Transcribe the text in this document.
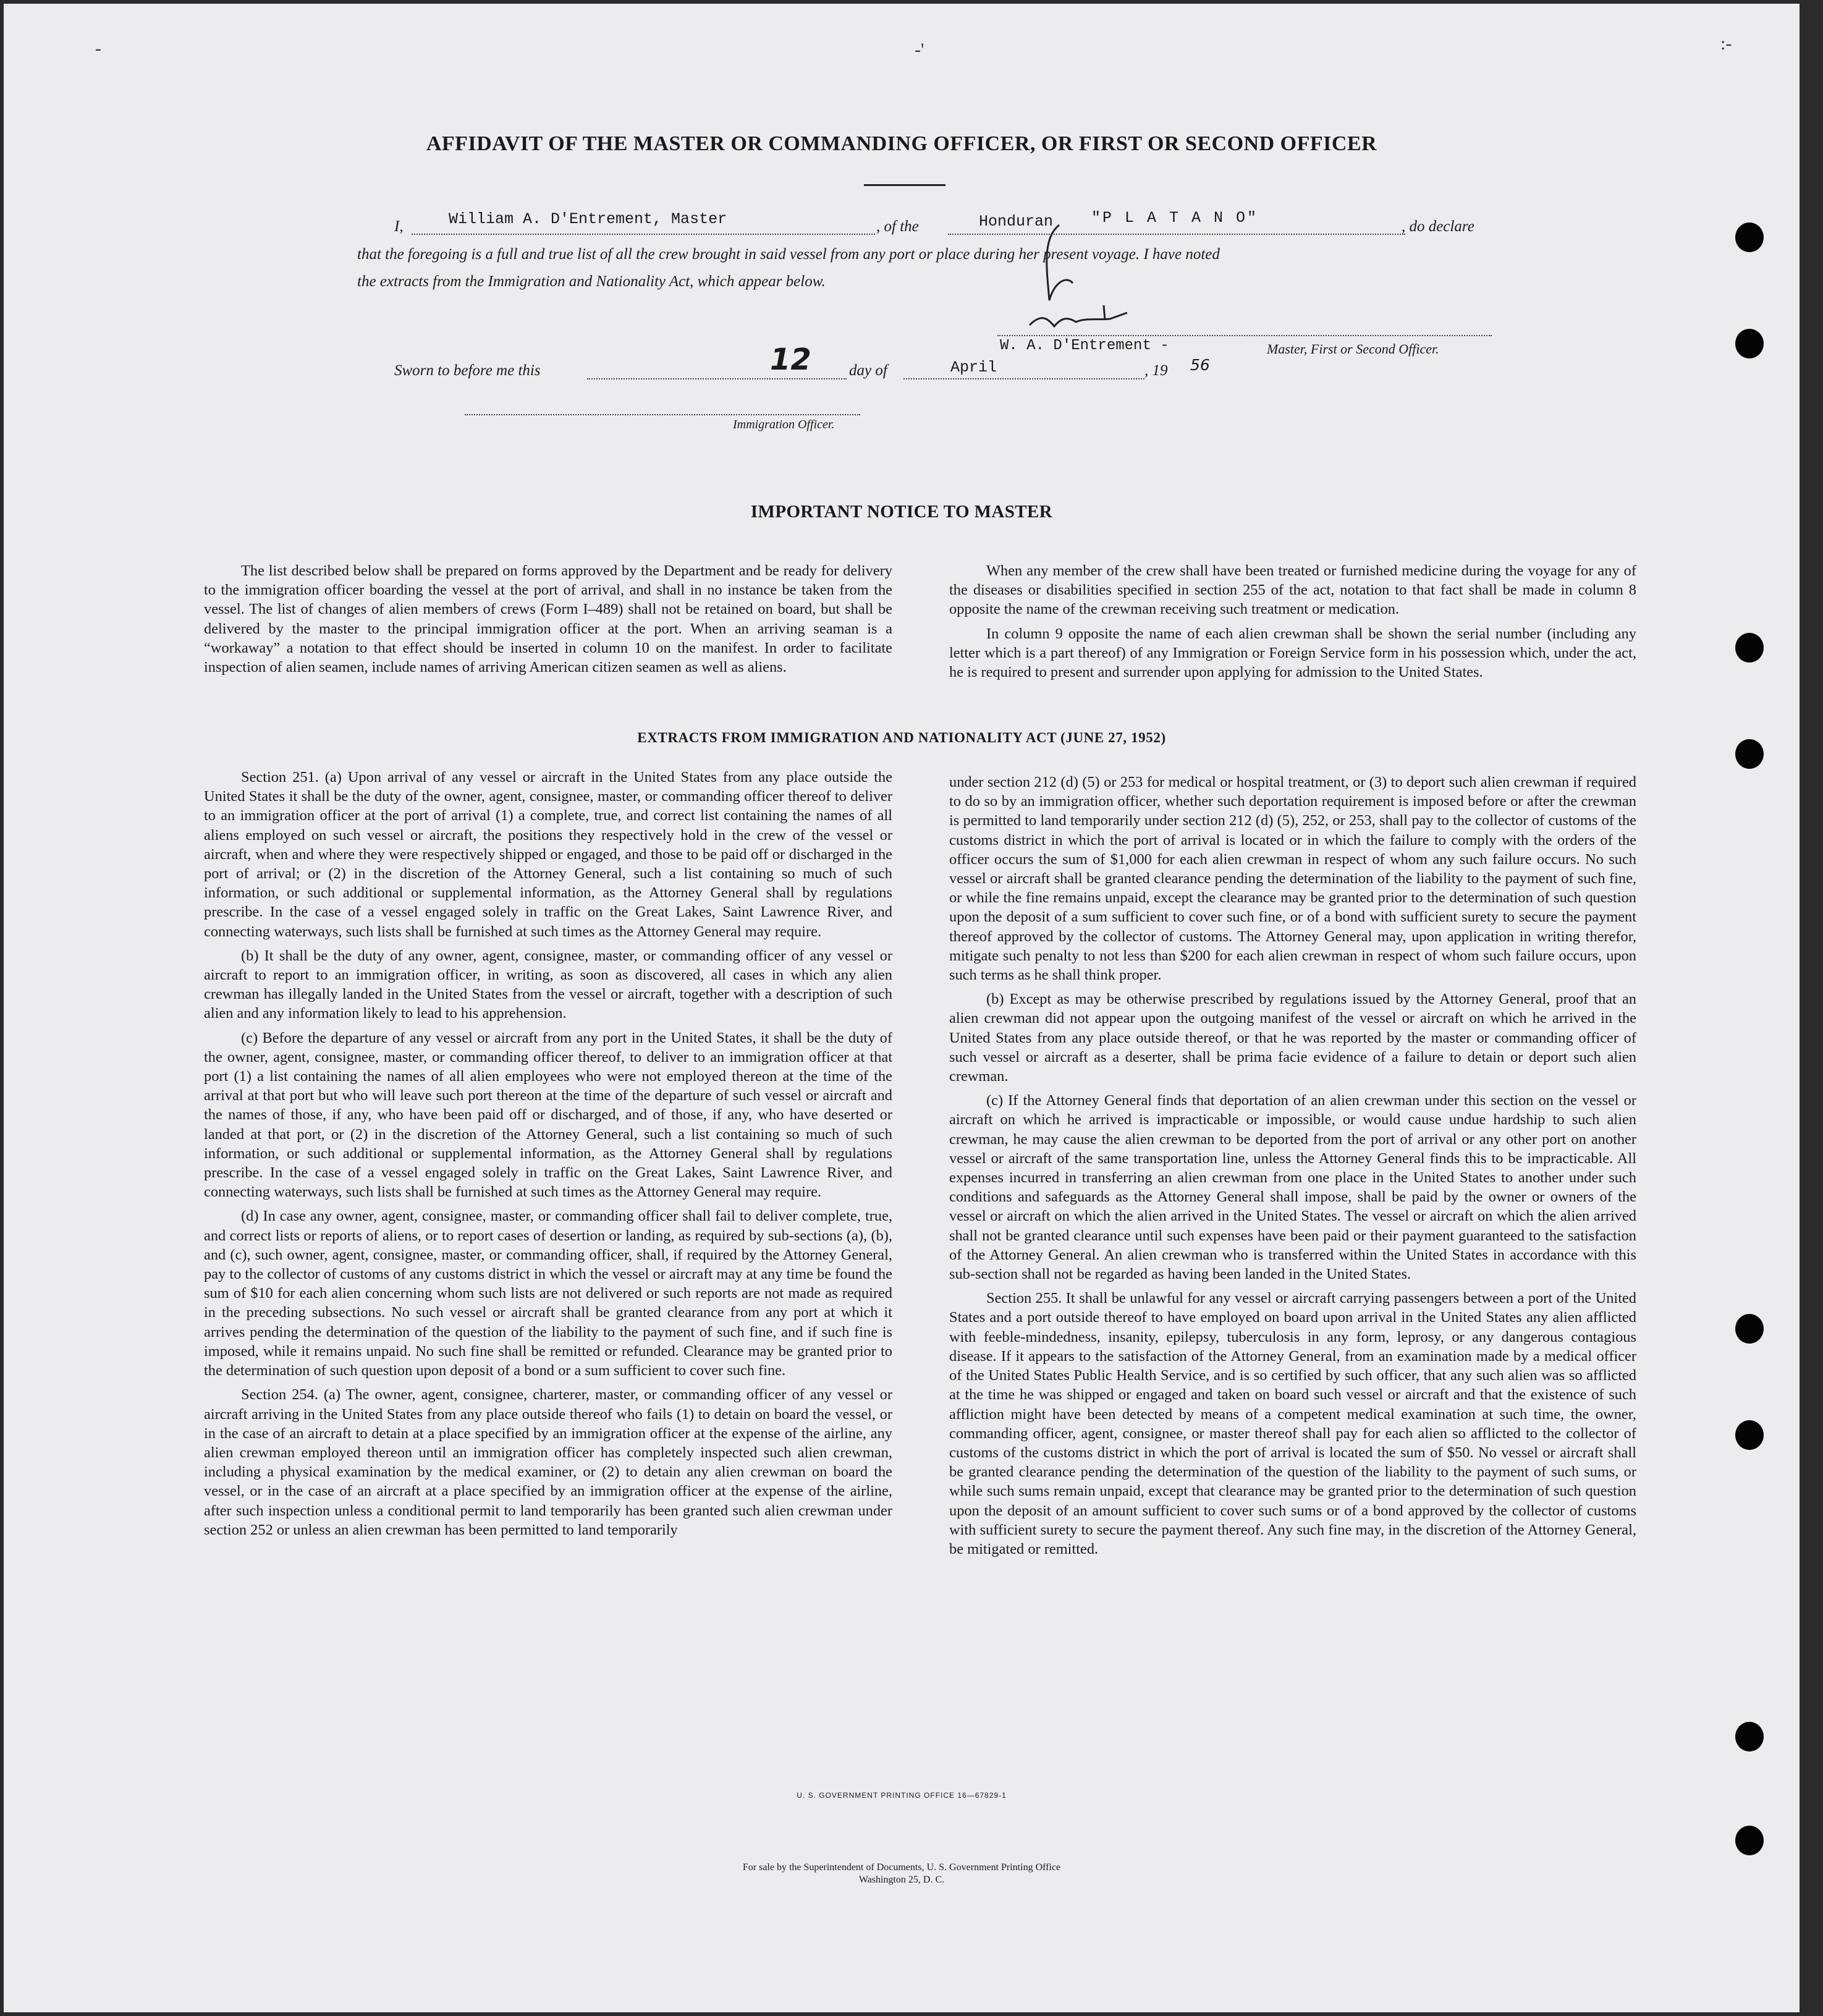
-	-'	:-
AFFIDAVIT OF THE MASTER OR COMMANDING OFFICER, OR FIRST OR SECOND OFFICER
I,	William A. D'Entrement, Master	, of the	Honduran "P L A T A N O"	, do declare
that the foregoing is a full and true list of all the crew brought in said vessel from any port or place during her present voyage. I have noted
the extracts from the Immigration and Nationality Act, which appear below.
W. A. D'Entrement -	Master, First or Second Officer.
Sworn to before me this	12 day of	April	, 19 56
Immigration Officer.
IMPORTANT NOTICE TO MASTER

The list described below shall be prepared on forms approved by the Department and be ready for delivery to the immigration officer boarding the vessel at the port of arrival, and shall in no instance be taken from the vessel. The list of changes of alien members of crews (Form I–489) shall not be retained on board, but shall be delivered by the master to the principal immigration officer at the port. When an arriving seaman is a “workaway” a notation to that effect should be inserted in column 10 on the manifest. In order to facilitate inspection of alien seamen, include names of arriving American citizen seamen as well as aliens.

When any member of the crew shall have been treated or furnished medicine during the voyage for any of the diseases or disabilities specified in section 255 of the act, notation to that fact shall be made in column 8 opposite the name of the crewman receiving such treatment or medication.

In column 9 opposite the name of each alien crewman shall be shown the serial number (including any letter which is a part thereof) of any Immigration or Foreign Service form in his possession which, under the act, he is required to present and surrender upon applying for admission to the United States.

EXTRACTS FROM IMMIGRATION AND NATIONALITY ACT (JUNE 27, 1952)

Section 251. (a) Upon arrival of any vessel or aircraft in the United States from any place outside the United States it shall be the duty of the owner, agent, consignee, master, or commanding officer thereof to deliver to an immigration officer at the port of arrival (1) a complete, true, and correct list containing the names of all aliens employed on such vessel or aircraft, the positions they respectively hold in the crew of the vessel or aircraft, when and where they were respectively shipped or engaged, and those to be paid off or discharged in the port of arrival; or (2) in the discretion of the Attorney General, such a list containing so much of such information, or such additional or supplemental information, as the Attorney General shall by regulations prescribe. In the case of a vessel engaged solely in traffic on the Great Lakes, Saint Lawrence River, and connecting waterways, such lists shall be furnished at such times as the Attorney General may require.

(b) It shall be the duty of any owner, agent, consignee, master, or commanding officer of any vessel or aircraft to report to an immigration officer, in writing, as soon as discovered, all cases in which any alien crewman has illegally landed in the United States from the vessel or aircraft, together with a description of such alien and any information likely to lead to his apprehension.

(c) Before the departure of any vessel or aircraft from any port in the United States, it shall be the duty of the owner, agent, consignee, master, or commanding officer thereof, to deliver to an immigration officer at that port (1) a list containing the names of all alien employees who were not employed thereon at the time of the arrival at that port but who will leave such port thereon at the time of the departure of such vessel or aircraft and the names of those, if any, who have been paid off or discharged, and of those, if any, who have deserted or landed at that port, or (2) in the discretion of the Attorney General, such a list containing so much of such information, or such additional or supplemental information, as the Attorney General shall by regulations prescribe. In the case of a vessel engaged solely in traffic on the Great Lakes, Saint Lawrence River, and connecting waterways, such lists shall be furnished at such times as the Attorney General may require.

(d) In case any owner, agent, consignee, master, or commanding officer shall fail to deliver complete, true, and correct lists or reports of aliens, or to report cases of desertion or landing, as required by sub-sections (a), (b), and (c), such owner, agent, consignee, master, or commanding officer, shall, if required by the Attorney General, pay to the collector of customs of any customs district in which the vessel or aircraft may at any time be found the sum of $10 for each alien concerning whom such lists are not delivered or such reports are not made as required in the preceding subsections. No such vessel or aircraft shall be granted clearance from any port at which it arrives pending the determination of the question of the liability to the payment of such fine, and if such fine is imposed, while it remains unpaid. No such fine shall be remitted or refunded. Clearance may be granted prior to the determination of such question upon deposit of a bond or a sum sufficient to cover such fine.

Section 254. (a) The owner, agent, consignee, charterer, master, or commanding officer of any vessel or aircraft arriving in the United States from any place outside thereof who fails (1) to detain on board the vessel, or in the case of an aircraft to detain at a place specified by an immigration officer at the expense of the airline, any alien crewman employed thereon until an immigration officer has completely inspected such alien crewman, including a physical examination by the medical examiner, or (2) to detain any alien crewman on board the vessel, or in the case of an aircraft at a place specified by an immigration officer at the expense of the airline, after such inspection unless a conditional permit to land temporarily has been granted such alien crewman under section 252 or unless an alien crewman has been permitted to land temporarily

under section 212 (d) (5) or 253 for medical or hospital treatment, or (3) to deport such alien crewman if required to do so by an immigration officer, whether such deportation requirement is imposed before or after the crewman is permitted to land temporarily under section 212 (d) (5), 252, or 253, shall pay to the collector of customs of the customs district in which the port of arrival is located or in which the failure to comply with the orders of the officer occurs the sum of $1,000 for each alien crewman in respect of whom any such failure occurs. No such vessel or aircraft shall be granted clearance pending the determination of the liability to the payment of such fine, or while the fine remains unpaid, except the clearance may be granted prior to the determination of such question upon the deposit of a sum sufficient to cover such fine, or of a bond with sufficient surety to secure the payment thereof approved by the collector of customs. The Attorney General may, upon application in writing therefor, mitigate such penalty to not less than $200 for each alien crewman in respect of whom such failure occurs, upon such terms as he shall think proper.

(b) Except as may be otherwise prescribed by regulations issued by the Attorney General, proof that an alien crewman did not appear upon the outgoing manifest of the vessel or aircraft on which he arrived in the United States from any place outside thereof, or that he was reported by the master or commanding officer of such vessel or aircraft as a deserter, shall be prima facie evidence of a failure to detain or deport such alien crewman.

(c) If the Attorney General finds that deportation of an alien crewman under this section on the vessel or aircraft on which he arrived is impracticable or impossible, or would cause undue hardship to such alien crewman, he may cause the alien crewman to be deported from the port of arrival or any other port on another vessel or aircraft of the same transportation line, unless the Attorney General finds this to be impracticable. All expenses incurred in transferring an alien crewman from one place in the United States to another under such conditions and safeguards as the Attorney General shall impose, shall be paid by the owner or owners of the vessel or aircraft on which the alien arrived in the United States. The vessel or aircraft on which the alien arrived shall not be granted clearance until such expenses have been paid or their payment guaranteed to the satisfaction of the Attorney General. An alien crewman who is transferred within the United States in accordance with this sub-section shall not be regarded as having been landed in the United States.

Section 255. It shall be unlawful for any vessel or aircraft carrying passengers between a port of the United States and a port outside thereof to have employed on board upon arrival in the United States any alien afflicted with feeble-mindedness, insanity, epilepsy, tuberculosis in any form, leprosy, or any dangerous contagious disease. If it appears to the satisfaction of the Attorney General, from an examination made by a medical officer of the United States Public Health Service, and is so certified by such officer, that any such alien was so afflicted at the time he was shipped or engaged and taken on board such vessel or aircraft and that the existence of such affliction might have been detected by means of a competent medical examination at such time, the owner, commanding officer, agent, consignee, or master thereof shall pay for each alien so afflicted to the collector of customs of the customs district in which the port of arrival is located the sum of $50. No vessel or aircraft shall be granted clearance pending the determination of the question of the liability to the payment of such sums, or while such sums remain unpaid, except that clearance may be granted prior to the determination of such question upon the deposit of an amount sufficient to cover such sums or of a bond approved by the collector of customs with sufficient surety to secure the payment thereof. Any such fine may, in the discretion of the Attorney General, be mitigated or remitted.

U. S. GOVERNMENT PRINTING OFFICE 16—67829-1
For sale by the Superintendent of Documents, U. S. Government Printing Office
Washington 25, D. C.
